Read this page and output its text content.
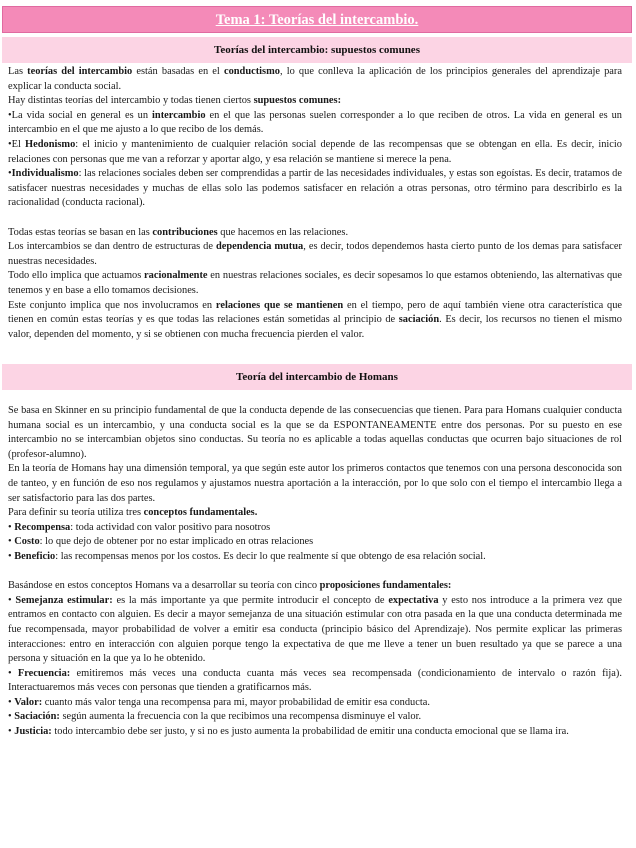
Tema 1: Teorías del intercambio.
Teorías del intercambio: supuestos comunes

Las teorías del intercambio están basadas en el conductismo, lo que conlleva la aplicación de los principios generales del aprendizaje para explicar la conducta social.

Hay distintas teorías del intercambio y todas tienen ciertos supuestos comunes:

•La vida social en general es un intercambio en el que las personas suelen corresponder a lo que reciben de otros. La vida en general es un intercambio en el que me ajusto a lo que recibo de los demás.

•El Hedonismo: el inicio y mantenimiento de cualquier relación social depende de las recompensas que se obtengan en ella. Es decir, inicio relaciones con personas que me van a reforzar y aportar algo, y esa relación se mantiene si merece la pena.

•Individualismo: las relaciones sociales deben ser comprendidas a partir de las necesidades individuales, y estas son egoístas. Es decir, tratamos de satisfacer nuestras necesidades y muchas de ellas solo las podemos satisfacer en relación a otras personas, otro término para describirlo es la racionalidad (conducta racional).

Todas estas teorías se basan en las contribuciones que hacemos en las relaciones.

Los intercambios se dan dentro de estructuras de dependencia mutua, es decir, todos dependemos hasta cierto punto de los demas para satisfacer nuestras necesidades.

Todo ello implica que actuamos racionalmente en nuestras relaciones sociales, es decir sopesamos lo que estamos obteniendo, las alternativas que tenemos y en base a ello tomamos decisiones.

Este conjunto implica que nos involucramos en relaciones que se mantienen en el tiempo, pero de aquí también viene otra característica que tienen en común estas teorías y es que todas las relaciones están sometidas al principio de saciación. Es decir, los recursos no tienen el mismo valor, dependen del momento, y si se obtienen con mucha frecuencia pierden el valor.

Teoría del intercambio de Homans

Se basa en Skinner en su principio fundamental de que la conducta depende de las consecuencias que tienen. Para para Homans cualquier conducta humana social es un intercambio, y una conducta social es la que se da ESPONTANEAMENTE entre dos personas. Por su puesto en ese intercambio no se intercambian objetos sino conductas. Su teoría no es aplicable a todas aquellas conductas que ocurren bajo situaciones de rol (profesor-alumno).

En la teoría de Homans hay una dimensión temporal, ya que según este autor los primeros contactos que tenemos con una persona desconocida son de tanteo, y en función de eso nos regulamos y ajustamos nuestra aportación a la interacción, por lo que solo con el tiempo el intercambio llega a ser satisfactorio para las dos partes.

Para definir su teoría utiliza tres conceptos fundamentales.

• Recompensa: toda actividad con valor positivo para nosotros

• Costo: lo que dejo de obtener por no estar implicado en otras relaciones

• Beneficio: las recompensas menos por los costos. Es decir lo que realmente sí que obtengo de esa relación social.

Basándose en estos conceptos Homans va a desarrollar su teoría con cinco proposiciones fundamentales:

• Semejanza estimular: es la más importante ya que permite introducir el concepto de expectativa y esto nos introduce a la primera vez que entramos en contacto con alguien. Es decir a mayor semejanza de una situación estimular con otra pasada en la que una conducta determinada me fue recompensada, mayor probabilidad de volver a emitir esa conducta (principio básico del Aprendizaje). Nos permite explicar las primeras interacciones: entro en interacción con alguien porque tengo la expectativa de que me lleve a tener un buen resultado ya que se parece a una persona y situación en la que ya lo he obtenido.

• Frecuencia: emitiremos más veces una conducta cuanta más veces sea recompensada (condicionamiento de intervalo o razón fija). Interactuaremos más veces con personas que tienden a gratificarnos más.

• Valor: cuanto más valor tenga una recompensa para mi, mayor probabilidad de emitir esa conducta.

• Saciación: según aumenta la frecuencia con la que recibimos una recompensa disminuye el valor.

• Justicia: todo intercambio debe ser justo, y si no es justo aumenta la probabilidad de emitir una conducta emocional que se llama ira.
